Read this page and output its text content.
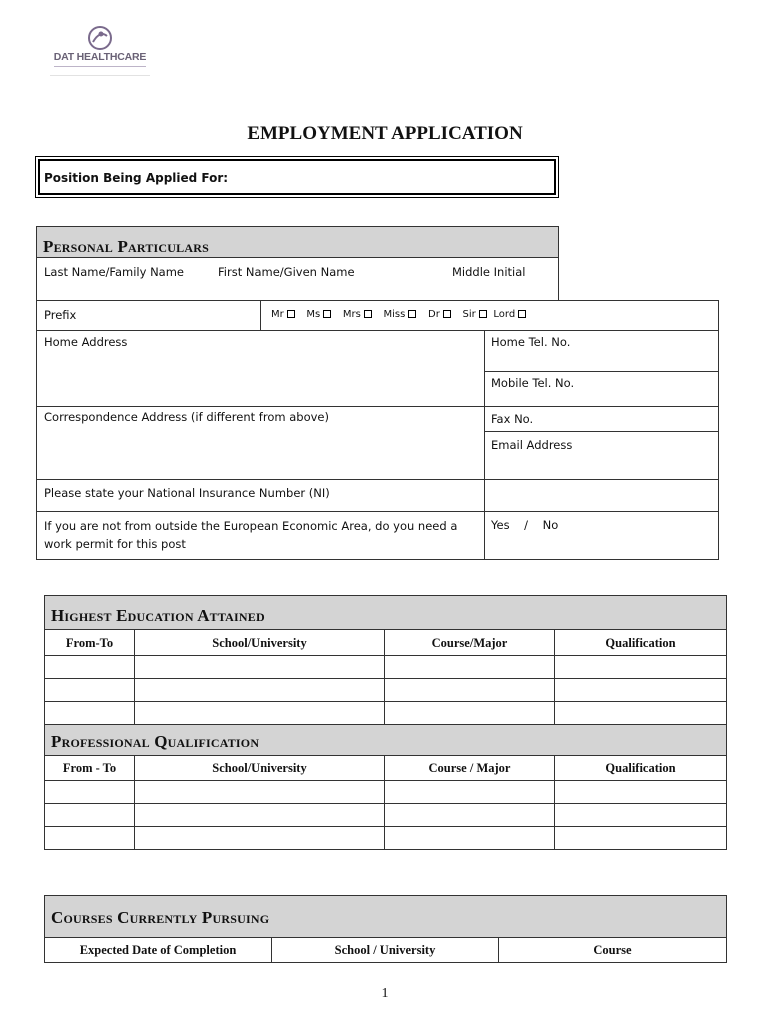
DAT HEALTHCARE
EMPLOYMENT APPLICATION
Position Being Applied For:
Personal Particulars
Last Name/Family Name	First Name/Given Name	Middle Initial
Prefix	Mr Ms Mrs Miss Dr Sir Lord
Home Address	Home Tel. No.
Mobile Tel. No.
Correspondence Address (if different from above)	Fax No.
Email Address
Please state your National Insurance Number (NI)
If you are not from outside the European Economic Area, do you need a work permit for this post
Yes    /    No
Highest Education Attained
From-To	School/University	Course/Major	Qualification
Professional Qualification
From - To	School/University	Course / Major	Qualification
Courses Currently Pursuing
Expected Date of Completion	School / University	Course
1
